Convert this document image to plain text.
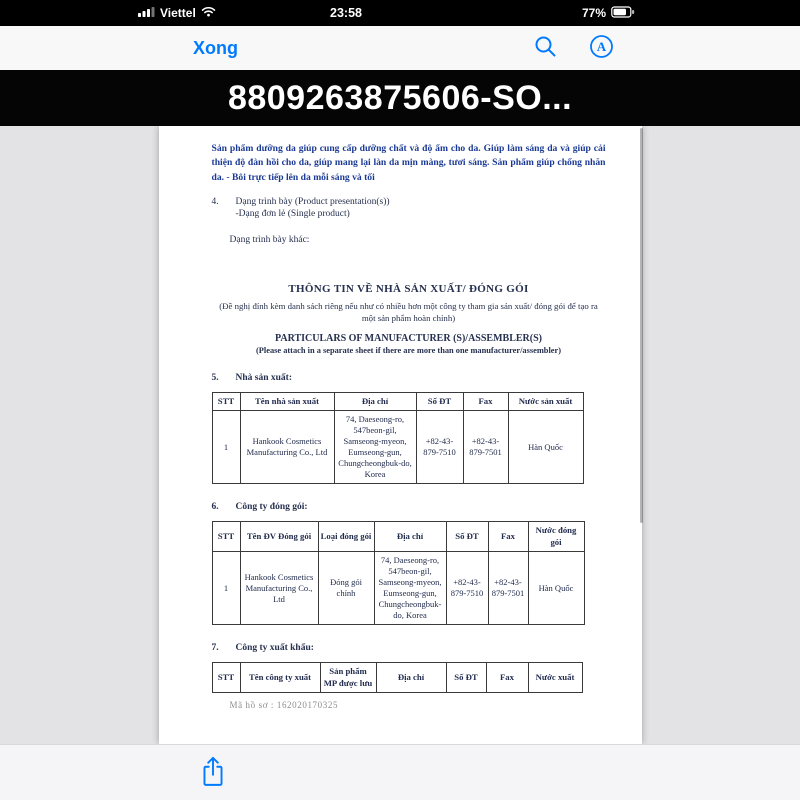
Viettel	23:58	77%
Xong	A
8809263875606-SO...

Sản phẩm dưỡng da giúp cung cấp dưỡng chất và độ ẩm cho da. Giúp làm sáng da và giúp cải thiện độ đàn hồi cho da, giúp mang lại làn da mịn màng, tươi sáng. Sản phẩm giúp chống nhăn da. - Bôi trực tiếp lên da mỗi sáng và tối

4.	Dạng trình bày (Product presentation(s))
-Dạng đơn lẻ (Single product)
Dạng trình bày khác:
THÔNG TIN VỀ NHÀ SẢN XUẤT/ ĐÓNG GÓI

(Đề nghị đính kèm danh sách riêng nếu như có nhiều hơn một công ty tham gia sản xuất/ đóng gói để tạo ra một sản phẩm hoàn chỉnh)

PARTICULARS OF MANUFACTURER (S)/ASSEMBLER(S)

(Please attach in a separate sheet if there are more than one manufacturer/assembler)

5.	Nhà sản xuất:
STT	Tên nhà sản xuất	Địa chỉ	Số ĐT	Fax	Nước sản xuất
1	Hankook Cosmetics Manufacturing Co., Ltd	74, Daeseong-ro, 547beon-gil, Samseong-myeon, Eumseong-gun, Chungcheongbuk-do, Korea	+82-43-879-7510	+82-43-879-7501	Hàn Quốc
6.	Công ty đóng gói:
STT	Tên ĐV Đóng gói	Loại đóng gói	Địa chỉ	Số ĐT	Fax	Nước đóng gói
1	Hankook Cosmetics Manufacturing Co., Ltd	Đóng gói chính	74, Daeseong-ro, 547beon-gil, Samseong-myeon, Eumseong-gun, Chungcheongbuk-do, Korea	+82-43-879-7510	+82-43-879-7501	Hàn Quốc
7.	Công ty xuất khẩu:
STT	Tên công ty xuất	Sản phẩm MP được lưu	Địa chỉ	Số ĐT	Fax	Nước xuất
Mã hồ sơ : 162020170325
